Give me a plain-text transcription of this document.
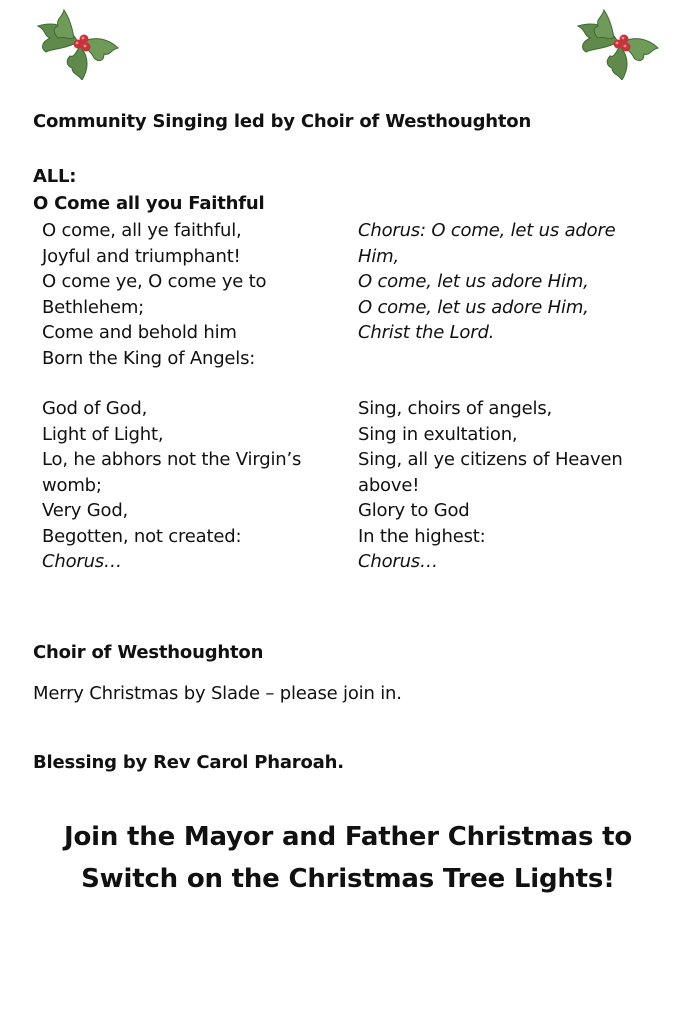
Community Singing led by Choir of Westhoughton
ALL:
O Come all you Faithful
O come, all ye faithful,
Joyful and triumphant!
O come ye, O come ye to
Bethlehem;
Come and behold him
Born the King of Angels:
Chorus: O come, let us adore
Him,
O come, let us adore Him,
O come, let us adore Him,
Christ the Lord.
God of God,
Light of Light,
Lo, he abhors not the Virgin’s
womb;
Very God,
Begotten, not created:
Chorus…
Sing, choirs of angels,
Sing in exultation,
Sing, all ye citizens of Heaven
above!
Glory to God
In the highest:
Chorus…
Choir of Westhoughton
Merry Christmas by Slade – please join in.
Blessing by Rev Carol Pharoah.
Join the Mayor and Father Christmas to
Switch on the Christmas Tree Lights!
